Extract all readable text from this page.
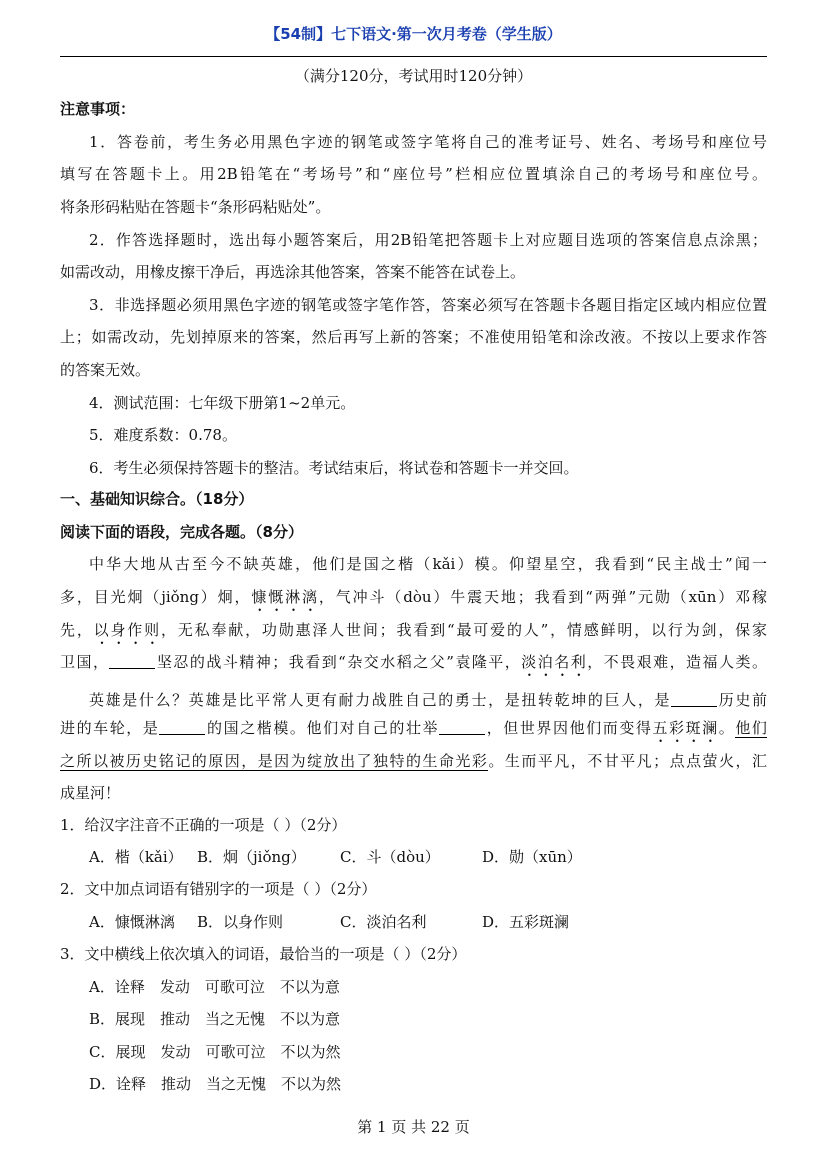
【54制】七下语文·第一次月考卷（学生版）
（满分120分，考试用时120分钟）
注意事项：
1．答卷前，考生务必用黑色字迹的钢笔或签字笔将自己的准考证号、姓名、考场号和座位号
填写在答题卡上。用2B铅笔在“考场号”和“座位号”栏相应位置填涂自己的考场号和座位号。
将条形码粘贴在答题卡“条形码粘贴处”。
2．作答选择题时，选出每小题答案后，用2B铅笔把答题卡上对应题目选项的答案信息点涂黑；
如需改动，用橡皮擦干净后，再选涂其他答案，答案不能答在试卷上。
3．非选择题必须用黑色字迹的钢笔或签字笔作答，答案必须写在答题卡各题目指定区域内相应位置
上；如需改动，先划掉原来的答案，然后再写上新的答案；不准使用铅笔和涂改液。不按以上要求作答
的答案无效。
4．测试范围：七年级下册第1~2单元。
5．难度系数：0.78。
6．考生必须保持答题卡的整洁。考试结束后，将试卷和答题卡一并交回。
一、基础知识综合。（18分）
阅读下面的语段，完成各题。（8分）
中华大地从古至今不缺英雄，他们是国之楷（kǎi）模。仰望星空，我看到“民主战士”闻一
多，目光炯（jiǒng）炯，慷慨淋漓，气冲斗（dòu）牛震天地；我看到“两弹”元勋（xūn）邓稼
先，以身作则，无私奉献，功勋惠泽人世间；我看到“最可爱的人”，情感鲜明，以行为剑，保家
卫国，	坚忍的战斗精神；我看到“杂交水稻之父”袁隆平，淡泊名利，不畏艰难，造福人类。
英雄是什么？英雄是比平常人更有耐力战胜自己的勇士，是扭转乾坤的巨人，是	历史前
进的车轮，是	的国之楷模。他们对自己的壮举	，但世界因他们而变得五彩斑澜。他们
之所以被历史铭记的原因，是因为绽放出了独特的生命光彩。生而平凡，不甘平凡；点点萤火，汇
成星河！
1．给汉字注音不正确的一项是（ ）（2分）
A．楷（kǎi） B．炯（jiǒng） C．斗（dòu）	D．勋（xūn）
2．文中加点词语有错别字的一项是（ ）（2分）
A．慷慨淋漓 B．以身作则	C．淡泊名利	D．五彩斑澜
3．文中横线上依次填入的词语，最恰当的一项是（ ）（2分）
A．诠释　发动　可歌可泣　不以为意
B．展现　推动　当之无愧　不以为意
C．展现　发动　可歌可泣　不以为然
D．诠释　推动　当之无愧　不以为然
第 1 页 共 22 页
